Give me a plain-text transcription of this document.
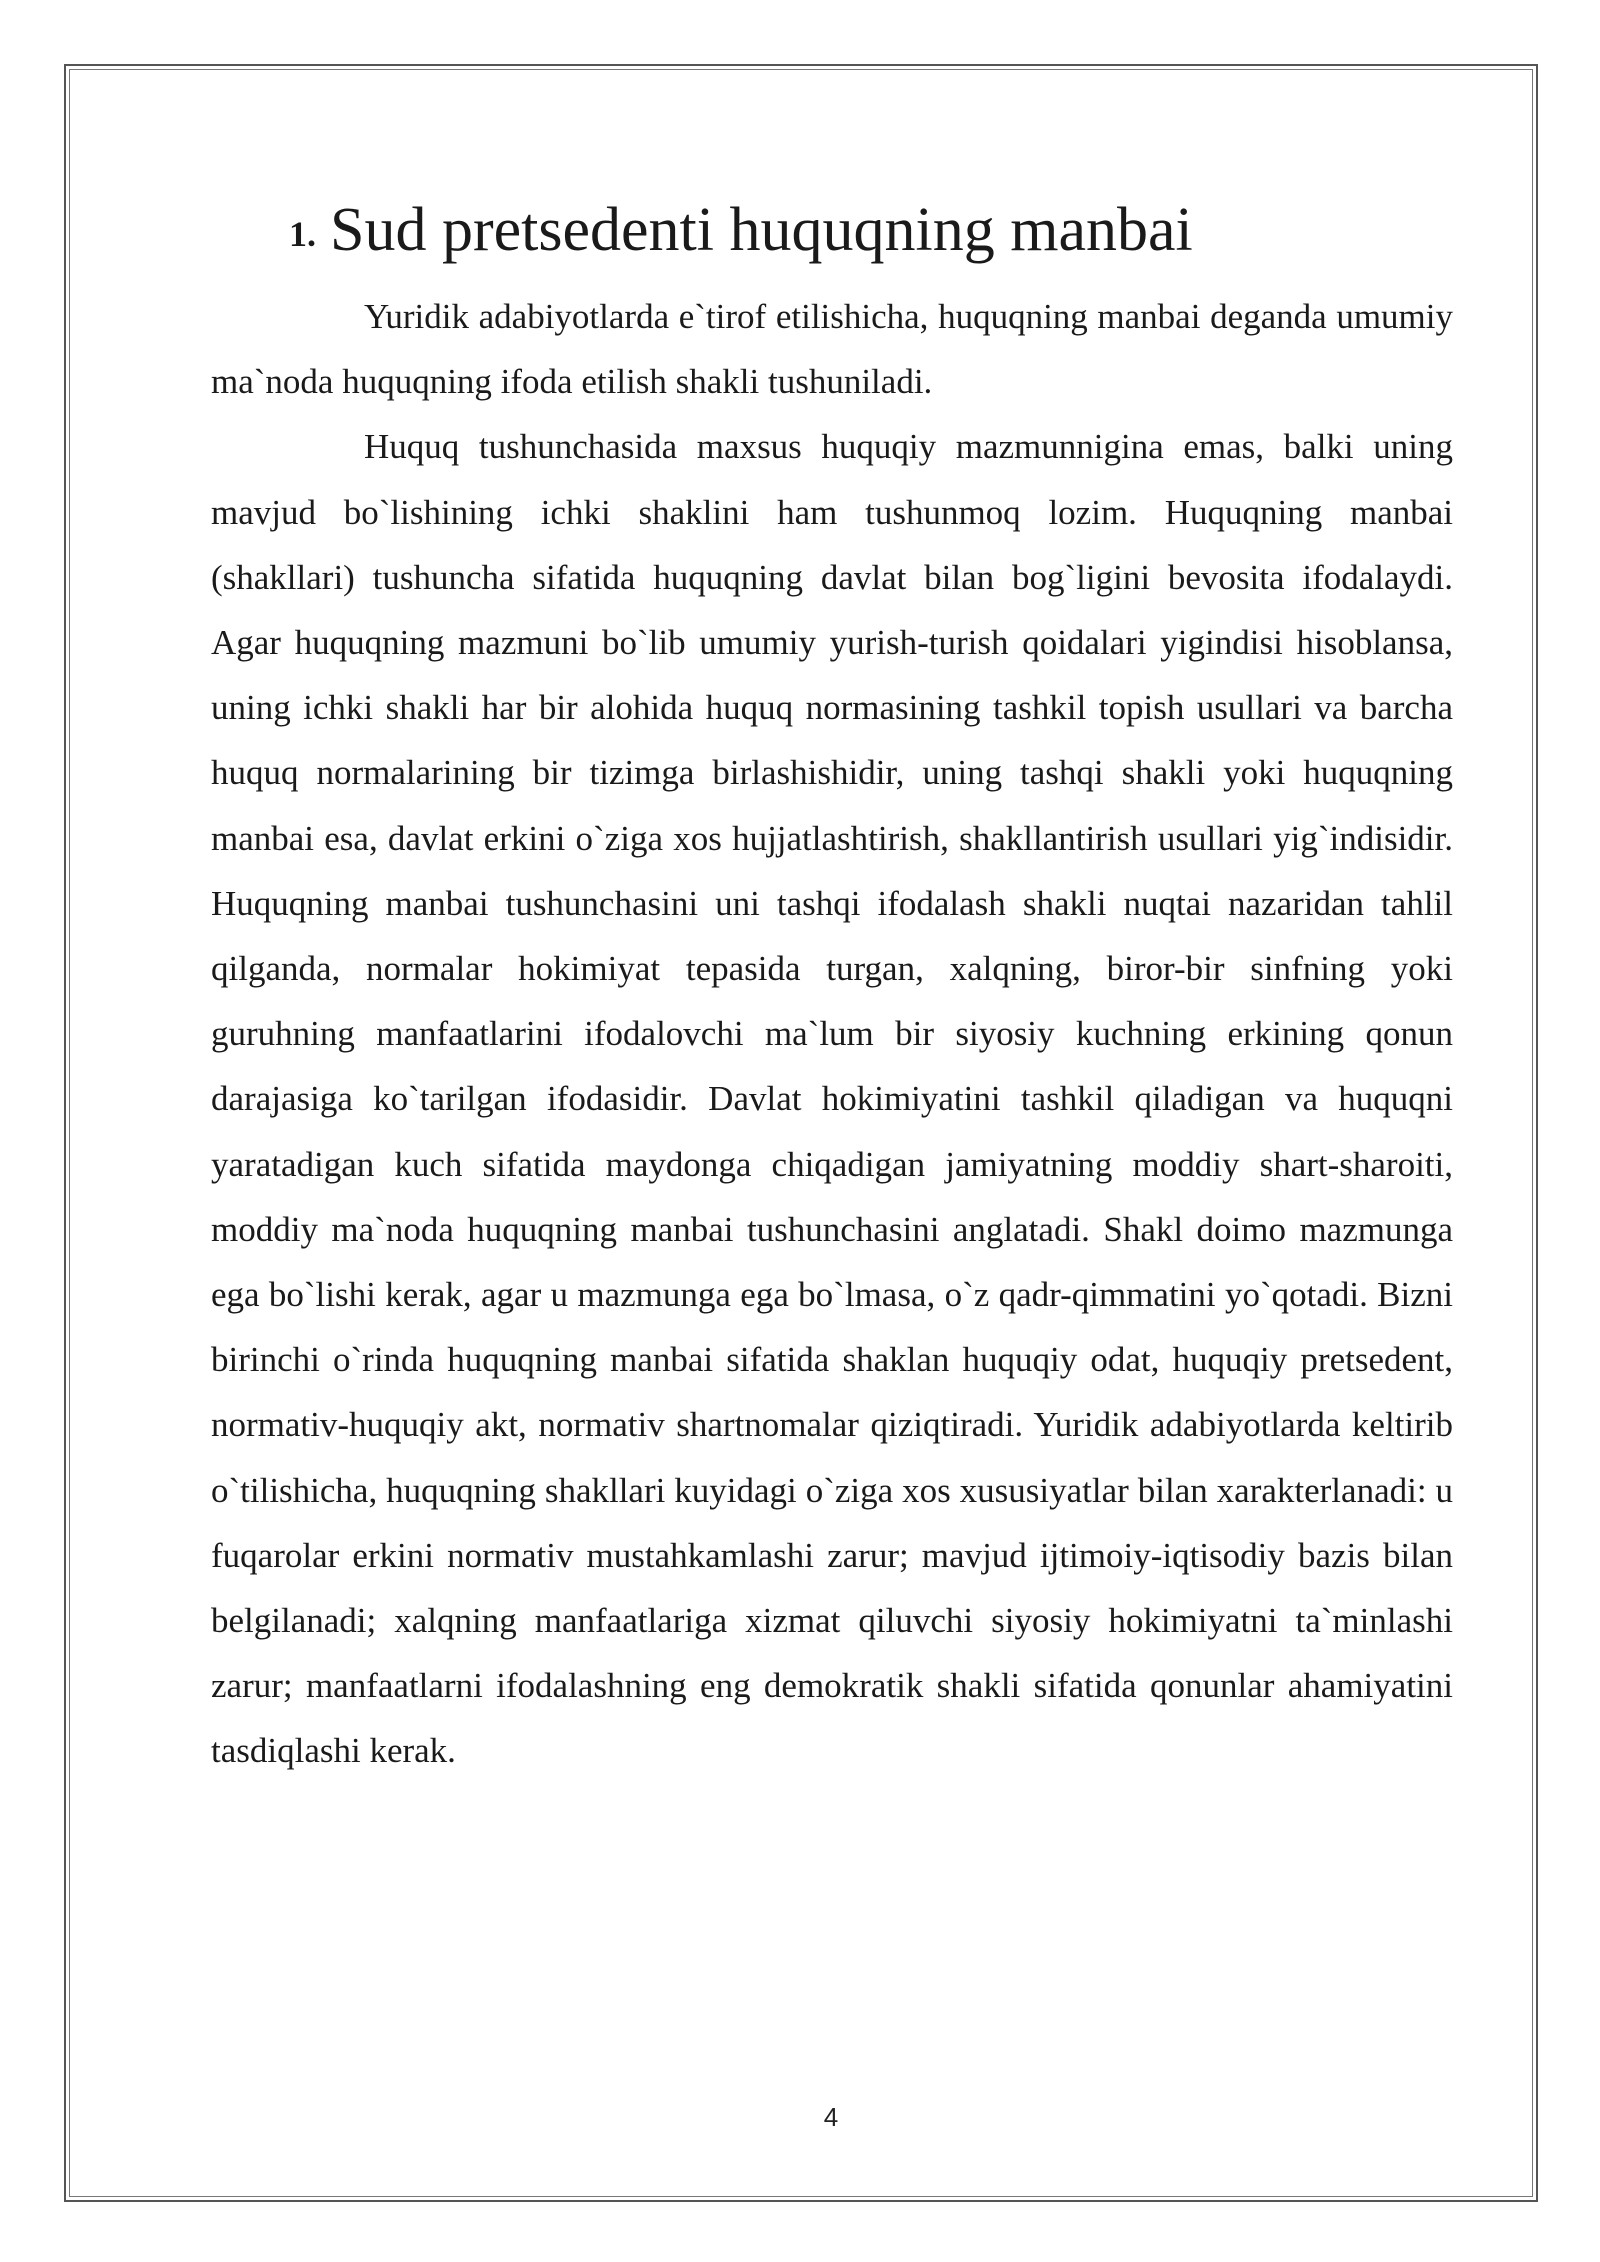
1. Sud pretsedenti huquqning manbai

Yuridik adabiyotlarda e`tirof etilishicha, huquqning manbai deganda umumiy ma`noda huquqning ifoda etilish shakli tushuniladi.

Huquq tushunchasida maxsus huquqiy mazmunnigina emas, balki uning mavjud bo`lishining ichki shaklini ham tushunmoq lozim. Huquqning manbai (shakllari) tushuncha sifatida huquqning davlat bilan bog`ligini bevosita ifodalaydi. Agar huquqning mazmuni bo`lib umumiy yurish-turish qoidalari yigindisi hisoblansa, uning ichki shakli har bir alohida huquq normasining tashkil topish usullari va barcha huquq normalarining bir tizimga birlashishidir, uning tashqi shakli yoki huquqning manbai esa, davlat erkini o`ziga xos hujjatlashtirish, shakllantirish usullari yig`indisidir. Huquqning manbai tushunchasini uni tashqi ifodalash shakli nuqtai nazaridan tahlil qilganda, normalar hokimiyat tepasida turgan, xalqning, biror-bir sinfning yoki guruhning manfaatlarini ifodalovchi ma`lum bir siyosiy kuchning erkining qonun darajasiga ko`tarilgan ifodasidir. Davlat hokimiyatini tashkil qiladigan va huquqni yaratadigan kuch sifatida maydonga chiqadigan jamiyatning moddiy shart-sharoiti, moddiy ma`noda huquqning manbai tushunchasini anglatadi. Shakl doimo mazmunga ega bo`lishi kerak, agar u mazmunga ega bo`lmasa, o`z qadr-qimmatini yo`qotadi. Bizni birinchi o`rinda huquqning manbai sifatida shaklan huquqiy odat, huquqiy pretsedent, normativ-huquqiy akt, normativ shartnomalar qiziqtiradi. Yuridik adabiyotlarda keltirib o`tilishicha, huquqning shakllari kuyidagi o`ziga xos xususiyatlar bilan xarakterlanadi: u fuqarolar erkini normativ mustahkamlashi zarur; mavjud ijtimoiy-iqtisodiy bazis bilan belgilanadi; xalqning manfaatlariga xizmat qiluvchi siyosiy hokimiyatni ta`minlashi zarur; manfaatlarni ifodalashning eng demokratik shakli sifatida qonunlar ahamiyatini tasdiqlashi kerak.

4
